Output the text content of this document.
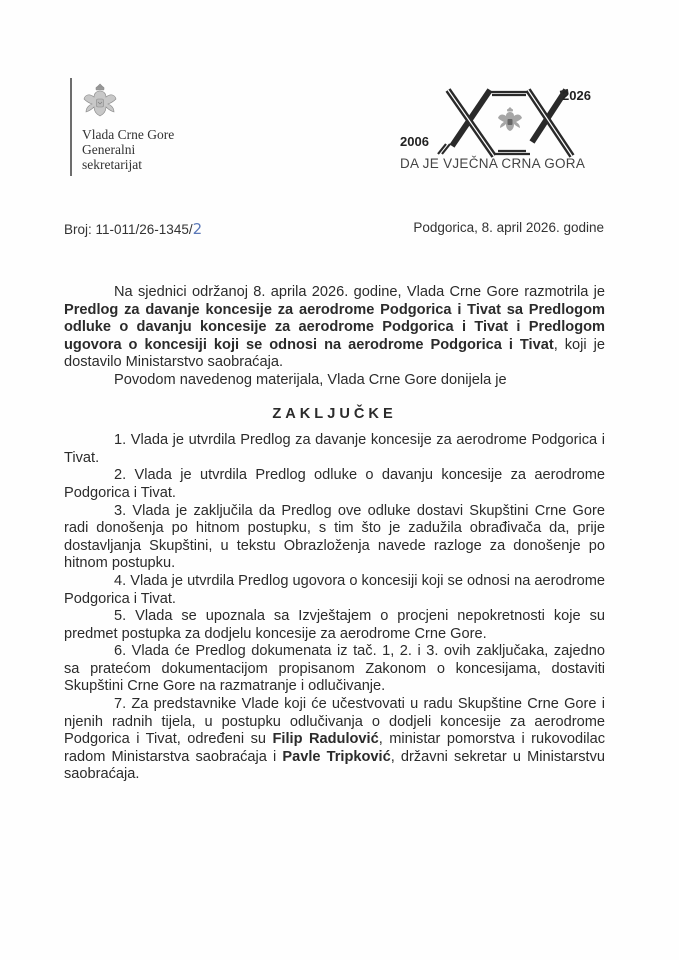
Vlada Crne Gore
Generalni
sekretarijat
2026
2006
DA JE VJEČNA CRNA GORA
Broj: 11-011/26-1345/2	Podgorica, 8. april 2026. godine

Na sjednici održanoj 8. aprila 2026. godine, Vlada Crne Gore razmotrila je Predlog za davanje koncesije za aerodrome Podgorica i Tivat sa Predlogom odluke o davanju koncesije za aerodrome Podgorica i Tivat i Predlogom ugovora o koncesiji koji se odnosi na aerodrome Podgorica i Tivat, koji je dostavilo Ministarstvo saobraćaja.

Povodom navedenog materijala, Vlada Crne Gore donijela je

ZAKLJUČKE

1. Vlada je utvrdila Predlog za davanje koncesije za aerodrome Podgorica i Tivat.

2. Vlada je utvrdila Predlog odluke o davanju koncesije za aerodrome Podgorica i Tivat.

3. Vlada je zaključila da Predlog ove odluke dostavi Skupštini Crne Gore radi donošenja po hitnom postupku, s tim što je zadužila obrađivača da, prije dostavljanja Skupštini, u tekstu Obrazloženja navede razloge za donošenje po hitnom postupku.

4. Vlada je utvrdila Predlog ugovora o koncesiji koji se odnosi na aerodrome Podgorica i Tivat.

5. Vlada se upoznala sa Izvještajem o procjeni nepokretnosti koje su predmet postupka za dodjelu koncesije za aerodrome Crne Gore.

6. Vlada će Predlog dokumenata iz tač. 1, 2. i 3. ovih zaključaka, zajedno sa pratećom dokumentacijom propisanom Zakonom o koncesijama, dostaviti Skupštini Crne Gore na razmatranje i odlučivanje.

7. Za predstavnike Vlade koji će učestvovati u radu Skupštine Crne Gore i njenih radnih tijela, u postupku odlučivanja o dodjeli koncesije za aerodrome Podgorica i Tivat, određeni su Filip Radulović, ministar pomorstva i rukovodilac radom Ministarstva saobraćaja i Pavle Tripković, državni sekretar u Ministarstvu saobraćaja.
